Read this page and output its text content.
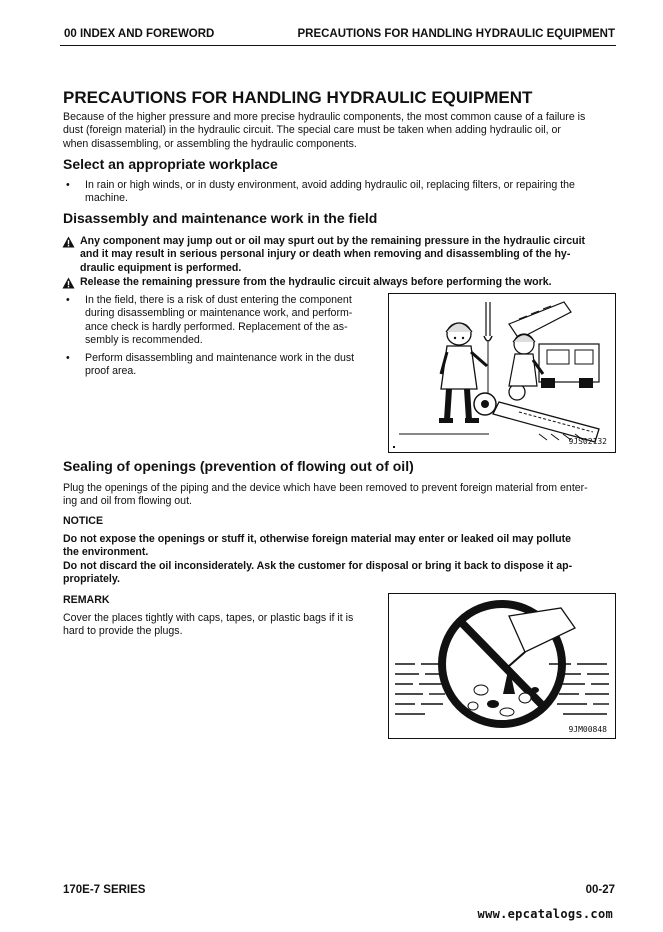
00 INDEX AND FOREWORD	PRECAUTIONS FOR HANDLING HYDRAULIC EQUIPMENT
PRECAUTIONS FOR HANDLING HYDRAULIC EQUIPMENT
Because of the higher pressure and more precise hydraulic components, the most common cause of a failure is
dust (foreign material) in the hydraulic circuit. The special care must be taken when adding hydraulic oil, or
when disassembling, or assembling the hydraulic components.
Select an appropriate workplace
• In rain or high winds, or in dusty environment, avoid adding hydraulic oil, replacing filters, or repairing the
machine.
Disassembly and maintenance work in the field
Any component may jump out or oil may spurt out by the remaining pressure in the hydraulic circuit
and it may result in serious personal injury or death when removing and disassembling of the hy-
draulic equipment is performed.
Release the remaining pressure from the hydraulic circuit always before performing the work.
• In the field, there is a risk of dust entering the component
during disassembling or maintenance work, and perform-
ance check is hardly performed. Replacement of the as-
sembly is recommended.
• Perform disassembling and maintenance work in the dust
proof area.
9JS02132
Sealing of openings (prevention of flowing out of oil)
Plug the openings of the piping and the device which have been removed to prevent foreign material from enter-
ing and oil from flowing out.
NOTICE
Do not expose the openings or stuff it, otherwise foreign material may enter or leaked oil may pollute
the environment.
Do not discard the oil inconsiderately. Ask the customer for disposal or bring it back to dispose it ap-
propriately.
REMARK
Cover the places tightly with caps, tapes, or plastic bags if it is
hard to provide the plugs.
9JM00848
170E-7 SERIES	00-27
www.epcatalogs.com
